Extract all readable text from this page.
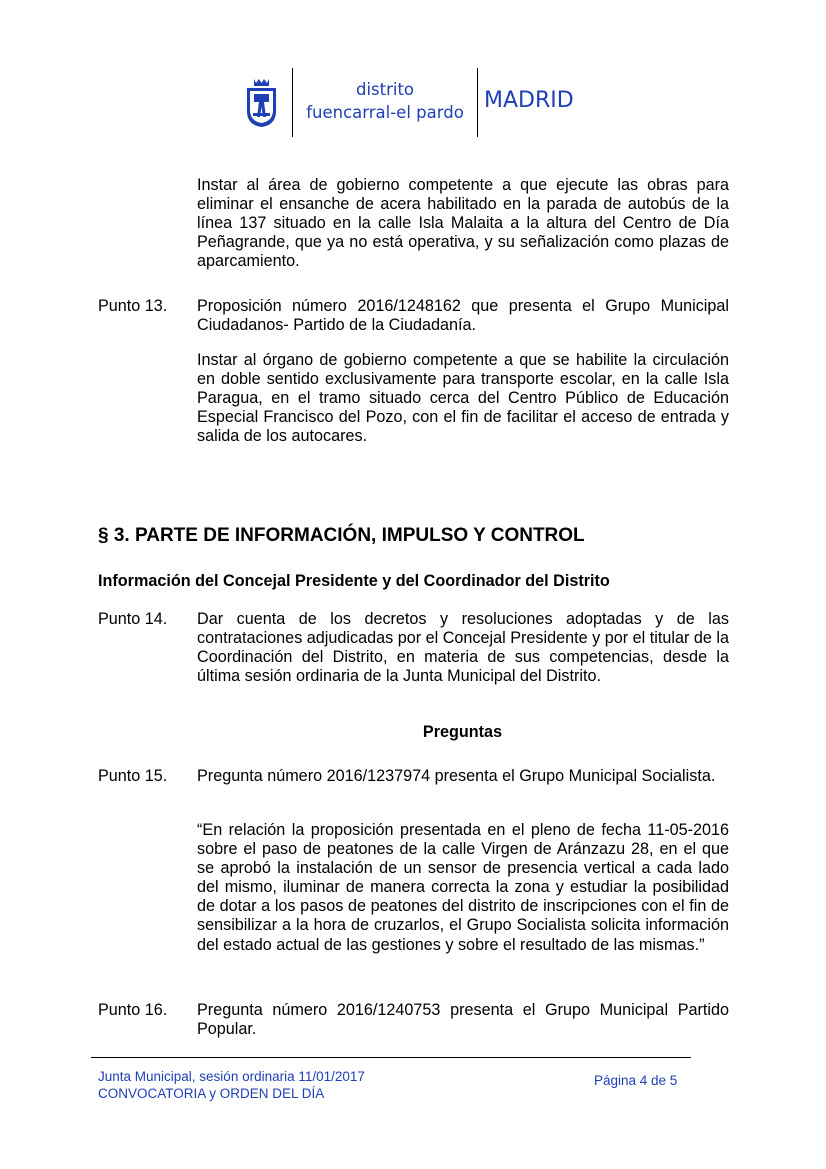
distrito
fuencarral-el pardo MADRID

Instar al área de gobierno competente a que ejecute las obras para eliminar el ensanche de acera habilitado en la parada de autobús de la línea 137 situado en la calle Isla Malaita a la altura del Centro de Día Peñagrande, que ya no está operativa, y su señalización como plazas de aparcamiento.

Punto 13. Proposición número 2016/1248162 que presenta el Grupo Municipal Ciudadanos- Partido de la Ciudadanía.

Instar al órgano de gobierno competente a que se habilite la circulación en doble sentido exclusivamente para transporte escolar, en la calle Isla Paragua, en el tramo situado cerca del Centro Público de Educación Especial Francisco del Pozo, con el fin de facilitar el acceso de entrada y salida de los autocares.

§ 3. PARTE DE INFORMACIÓN, IMPULSO Y CONTROL
Información del Concejal Presidente y del Coordinador del Distrito
Punto 14. Dar cuenta de los decretos y resoluciones adoptadas y de las contrataciones adjudicadas por el Concejal Presidente y por el titular de la Coordinación del Distrito, en materia de sus competencias, desde la última sesión ordinaria de la Junta Municipal del Distrito.

Preguntas
Punto 15. Pregunta número 2016/1237974 presenta el Grupo Municipal Socialista.

“En relación la proposición presentada en el pleno de fecha 11-05-2016 sobre el paso de peatones de la calle Virgen de Aránzazu 28, en el que se aprobó la instalación de un sensor de presencia vertical a cada lado del mismo, iluminar de manera correcta la zona y estudiar la posibilidad de dotar a los pasos de peatones del distrito de inscripciones con el fin de sensibilizar a la hora de cruzarlos, el Grupo Socialista solicita información del estado actual de las gestiones y sobre el resultado de las mismas.”

Punto 16. Pregunta número 2016/1240753 presenta el Grupo Municipal Partido Popular.

Junta Municipal, sesión ordinaria 11/01/2017
CONVOCATORIA y ORDEN DEL DÍA
Página 4 de 5
